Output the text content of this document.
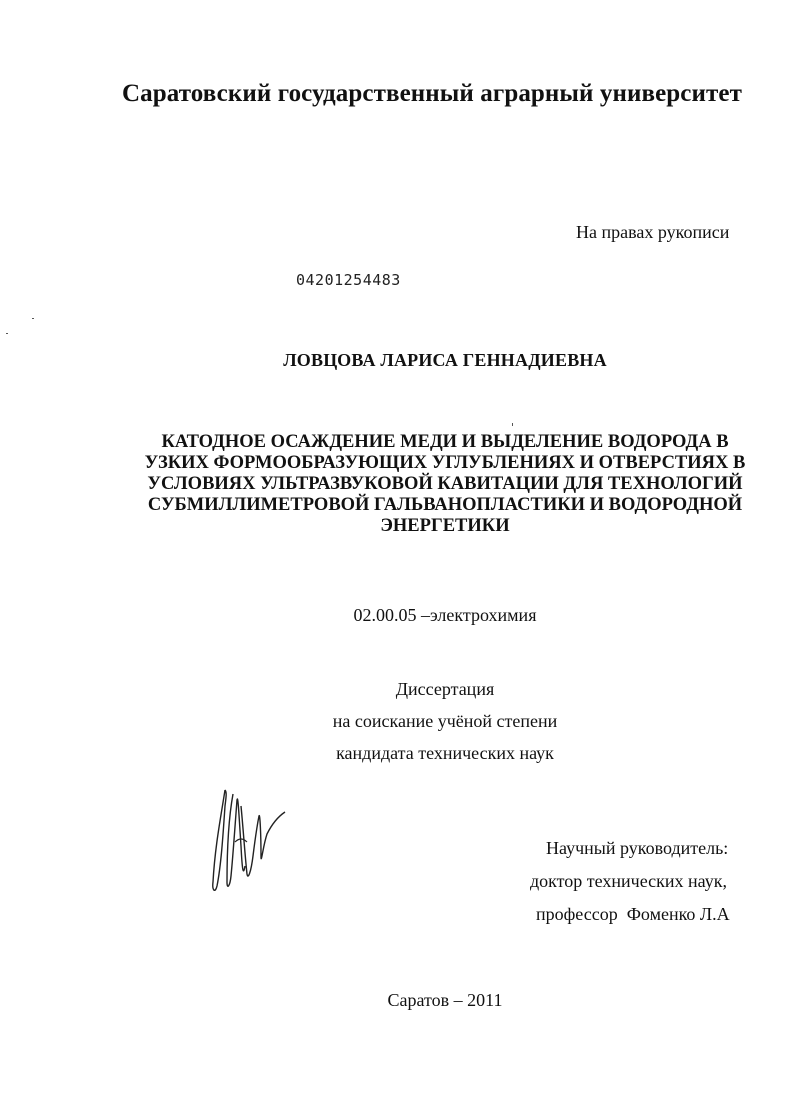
Саратовский государственный аграрный университет
На правах рукописи
04201254483
ЛОВЦОВА ЛАРИСА ГЕННАДИЕВНА
КАТОДНОЕ ОСАЖДЕНИЕ МЕДИ И ВЫДЕЛЕНИЕ ВОДОРОДА В
УЗКИХ ФОРМООБРАЗУЮЩИХ УГЛУБЛЕНИЯХ И ОТВЕРСТИЯХ В
УСЛОВИЯХ УЛЬТРАЗВУКОВОЙ КАВИТАЦИИ ДЛЯ ТЕХНОЛОГИЙ
СУБМИЛЛИМЕТРОВОЙ ГАЛЬВАНОПЛАСТИКИ И ВОДОРОДНОЙ
ЭНЕРГЕТИКИ
02.00.05 –электрохимия
Диссертация
на соискание учёной степени
кандидата технических наук
Научный руководитель:
доктор технических наук,
профессор  Фоменко Л.А
Саратов – 2011
